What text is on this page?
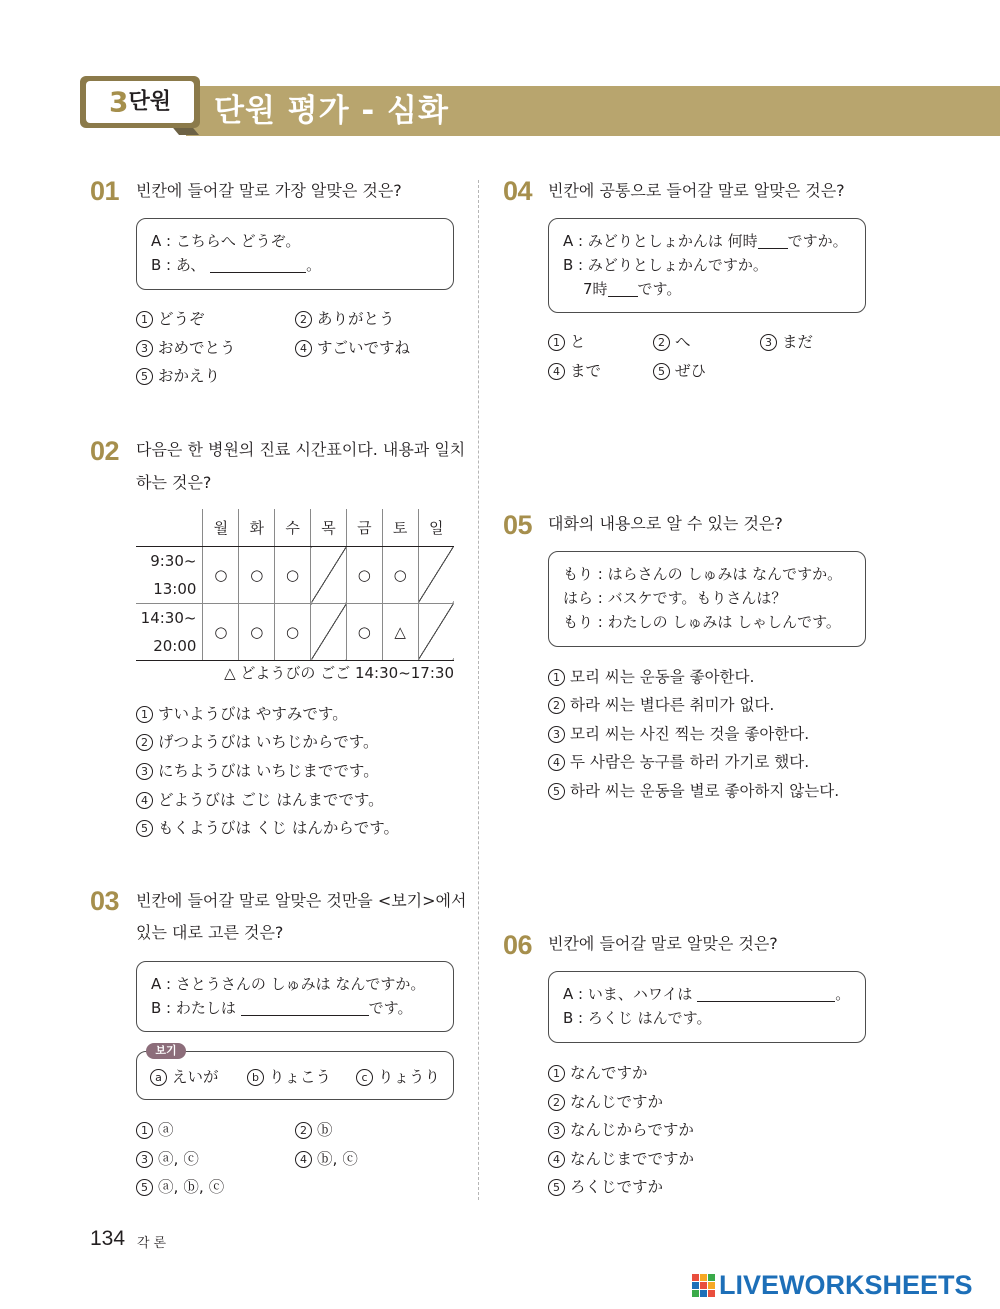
단원 평가 - 심화
3단원
01 빈칸에 들어갈 말로 가장 알맞은 것은?
A : こちらへ どうぞ。
B : あ、	。
1 どうぞ	2 ありがとう
3 おめでとう	4 すごいですね
5 おかえり
02 다음은 한 병원의 진료 시간표이다. 내용과 일치
하는 것은?
	월	화	수	목	금	토	일

9:30~
13:00	○	○	○		○	○	

14:30~
20:00	○	○	○		○	△	
△ どようびの ごご 14:30~17:30
1 すいようびは やすみです。
2 げつようびは いちじからです。
3 にちようびは いちじまでです。
4 どようびは ごじ はんまでです。
5 もくようびは くじ はんからです。
03 빈칸에 들어갈 말로 알맞은 것만을 <보기>에서
있는 대로 고른 것은?
A : さとうさんの しゅみは なんですか。
B : わたしは	です。
보기
a えいが	b りょこう	c りょうり
1 ⓐ	2 ⓑ
3 ⓐ, ⓒ	4 ⓑ, ⓒ
5 ⓐ, ⓑ, ⓒ
04 빈칸에 공통으로 들어갈 말로 알맞은 것은?
A : みどりとしょかんは 何時 ですか。
B : みどりとしょかんですか。
7時 です。
1 と	2 へ	3 まだ
4 まで	5 ぜひ
05 대화의 내용으로 알 수 있는 것은?
もり : はらさんの しゅみは なんですか。
はら : バスケです。もりさんは？
もり : わたしの しゅみは しゃしんです。
1 모리 씨는 운동을 좋아한다.
2 하라 씨는 별다른 취미가 없다.
3 모리 씨는 사진 찍는 것을 좋아한다.
4 두 사람은 농구를 하러 가기로 했다.
5 하라 씨는 운동을 별로 좋아하지 않는다.
06 빈칸에 들어갈 말로 알맞은 것은?
A : いま、ハワイは	。
B : ろくじ はんです。
1 なんですか
2 なんじですか
3 なんじからですか
4 なんじまでですか
5 ろくじですか
134 각론
LIVEWORKSHEETS
